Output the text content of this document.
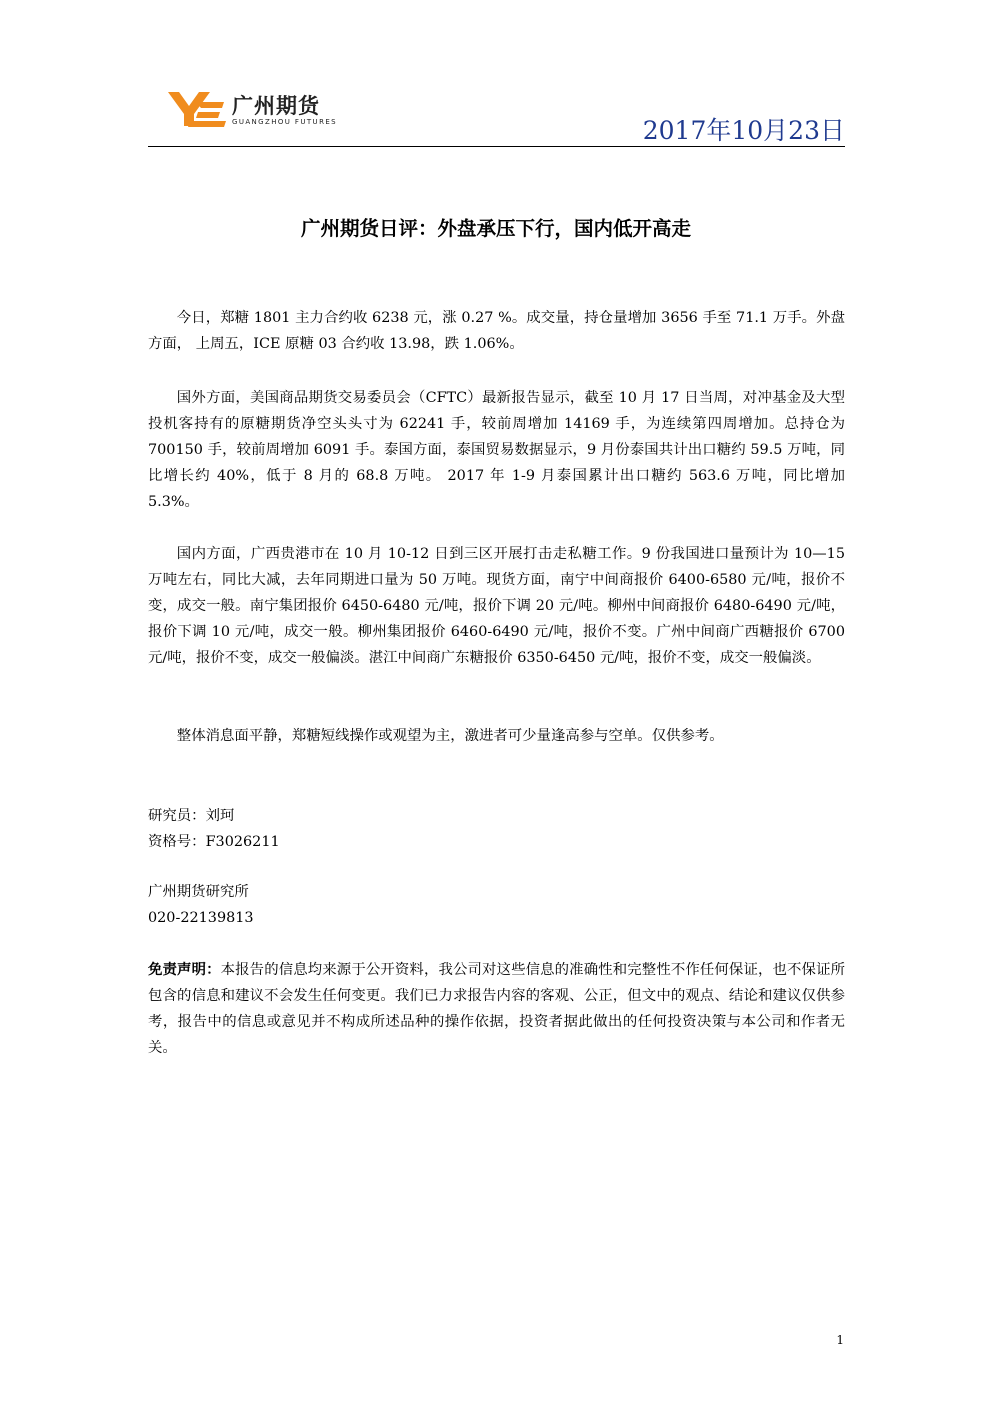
广州期货
GUANGZHOU FUTURES	2017年10月23日
广州期货日评：外盘承压下行，国内低开高走

今日，郑糖 1801 主力合约收 6238 元，涨 0.27 %。成交量，持仓量增加 3656 手至 71.1 万手。外盘方面， 上周五，ICE 原糖 03 合约收 13.98，跌 1.06%。

国外方面，美国商品期货交易委员会（CFTC）最新报告显示，截至 10 月 17 日当周，对冲基金及大型投机客持有的原糖期货净空头头寸为 62241 手，较前周增加 14169 手，为连续第四周增加。总持仓为 700150 手，较前周增加 6091 手。泰国方面，泰国贸易数据显示，9 月份泰国共计出口糖约 59.5 万吨，同比增长约 40%，低于 8 月的 68.8 万吨。 2017 年 1-9 月泰国累计出口糖约 563.6 万吨，同比增加 5.3%。

国内方面，广西贵港市在 10 月 10-12 日到三区开展打击走私糖工作。9 份我国进口量预计为 10—15 万吨左右，同比大减，去年同期进口量为 50 万吨。现货方面，南宁中间商报价 6400-6580 元/吨，报价不变，成交一般。南宁集团报价 6450-6480 元/吨，报价下调 20 元/吨。柳州中间商报价 6480-6490 元/吨，报价下调 10 元/吨，成交一般。柳州集团报价 6460-6490 元/吨，报价不变。广州中间商广西糖报价 6700 元/吨，报价不变，成交一般偏淡。湛江中间商广东糖报价 6350-6450 元/吨，报价不变，成交一般偏淡。

整体消息面平静，郑糖短线操作或观望为主，激进者可少量逢高参与空单。仅供参考。

研究员：刘珂
资格号：F3026211
广州期货研究所
020-22139813
免责声明：本报告的信息均来源于公开资料，我公司对这些信息的准确性和完整性不作任何保证，也不保证所包含的信息和建议不会发生任何变更。我们已力求报告内容的客观、公正，但文中的观点、结论和建议仅供参考，报告中的信息或意见并不构成所述品种的操作依据，投资者据此做出的任何投资决策与本公司和作者无关。
1
